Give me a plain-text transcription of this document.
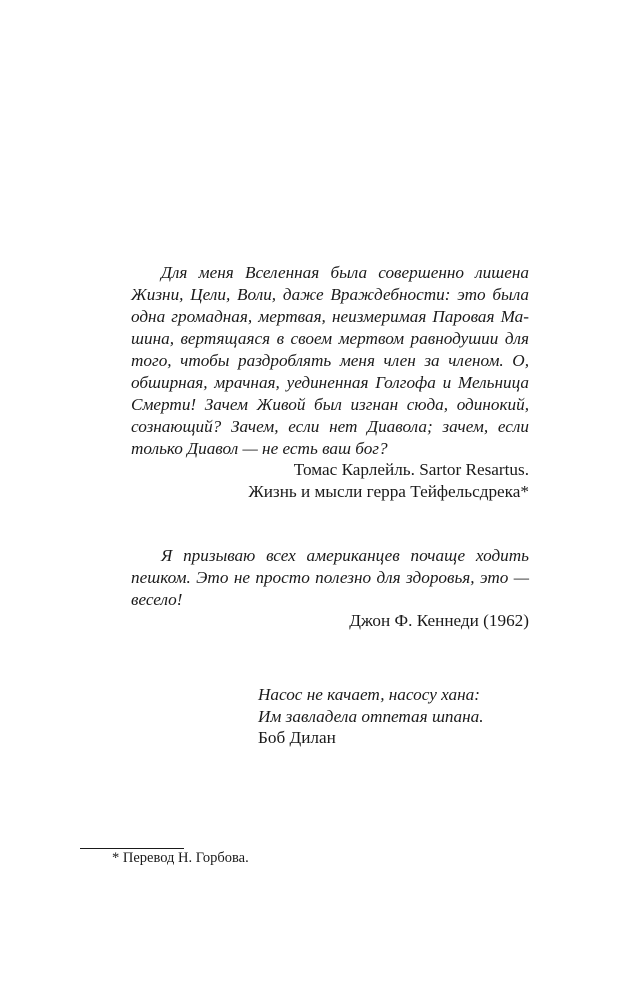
Для меня Вселенная была совершенно лишена
Жизни, Цели, Воли, даже Враждебности: это была
одна громадная, мертвая, неизмеримая Паровая Ма-
шина, вертящаяся в своем мертвом равнодушии для
того, чтобы раздроблять меня член за членом. О,
обширная, мрачная, уединенная Голгофа и Мельница
Смерти! Зачем Живой был изгнан сюда, одинокий,
сознающий? Зачем, если нет Диавола; зачем, если
только Диавол — не есть ваш бог?
Томас Карлейль. Sartor Resartus.
Жизнь и мысли герра Тейфельсдрека*
Я призываю всех американцев почаще ходить
пешком. Это не просто полезно для здоровья, это —
весело!
Джон Ф. Кеннеди (1962)
Насос не качает, насосу хана:
Им завладела отпетая шпана.
Боб Дилан
* Перевод Н. Горбова.
